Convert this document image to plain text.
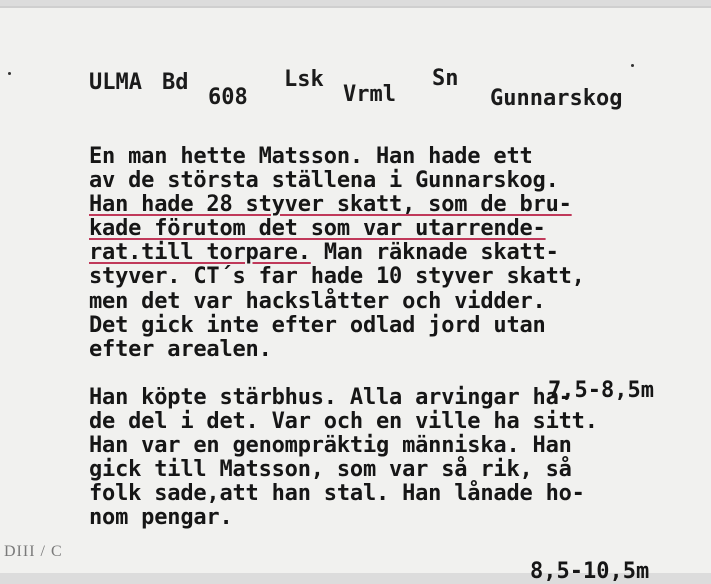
ULMA Bd
608
Lsk
Vrml
Sn
Gunnarskog
En man hette Matsson. Han hade ett
av de största ställena i Gunnarskog.
Han hade 28 styver skatt, som de bru-
kade förutom det som var utarrende-
rat.till torpare. Man räknade skatt-
styver. CT´s far hade 10 styver skatt,
men det var hackslåtter och vidder.
Det gick inte efter odlad jord utan
efter arealen.
Han köpte stärbhus. Alla arvingar ha-
de del i det. Var och en ville ha sitt.
Han var en genompräktig människa. Han
gick till Matsson, som var så rik, så
folk sade,att han stal. Han lånade ho-
nom pengar.
7,5-8,5m
8,5-10,5m
DIII / C
